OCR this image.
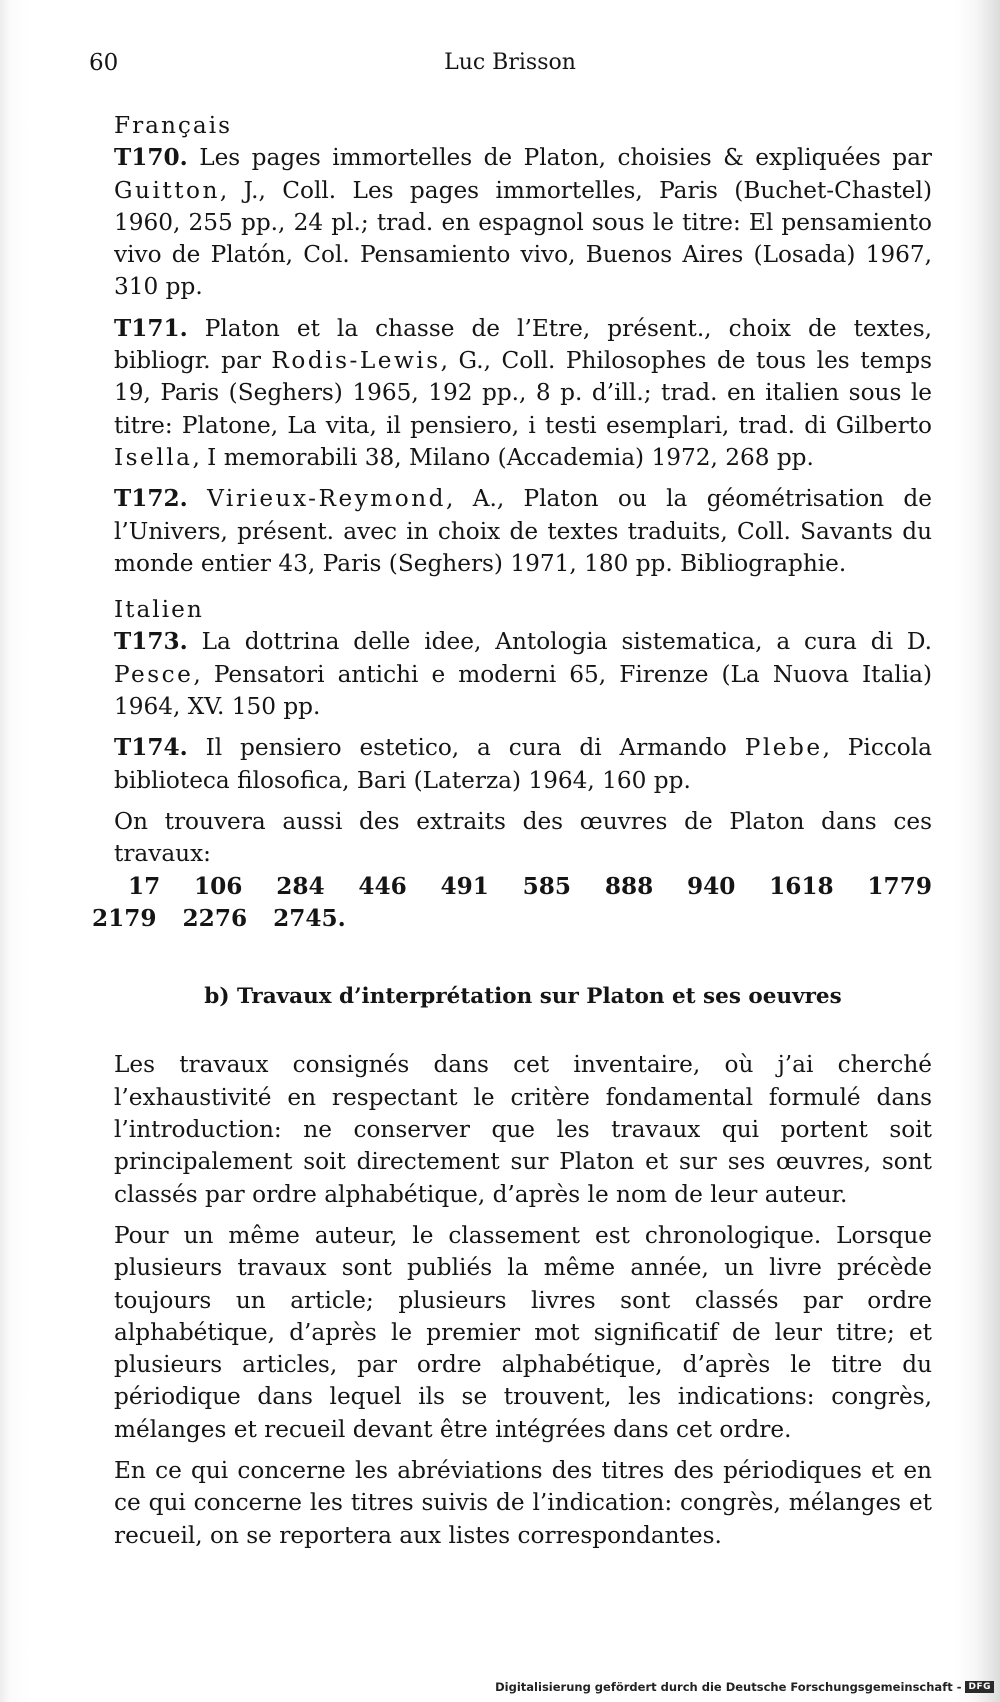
60	Luc Brisson

Français

T170. Les pages immortelles de Platon, choisies & expliquées par Guitton, J., Coll. Les pages immortelles, Paris (Buchet-Chastel) 1960, 255 pp., 24 pl.; trad. en espagnol sous le titre: El pensamiento vivo de Platón, Col. Pensamiento vivo, Buenos Aires (Losada) 1967, 310 pp.

T171. Platon et la chasse de l’Etre, présent., choix de textes, bibliogr. par Rodis-Lewis, G., Coll. Philosophes de tous les temps 19, Paris (Seghers) 1965, 192 pp., 8 p. d’ill.; trad. en italien sous le titre: Platone, La vita, il pensiero, i testi esemplari, trad. di Gilberto Isella, I memorabili 38, Milano (Accademia) 1972, 268 pp.

T172. Virieux-Reymond, A., Platon ou la géométrisation de l’Univers, présent. avec in choix de textes traduits, Coll. Savants du monde entier 43, Paris (Seghers) 1971, 180 pp. Bibliographie.

Italien

T173. La dottrina delle idee, Antologia sistematica, a cura di D. Pesce, Pensatori antichi e moderni 65, Firenze (La Nuova Italia) 1964, XV. 150 pp.

T174. Il pensiero estetico, a cura di Armando Plebe, Piccola biblioteca filosofica, Bari (Laterza) 1964, 160 pp.

On trouvera aussi des extraits des œuvres de Platon dans ces travaux:

17 106 284 446 491 585 888 940 1618 1779
2179 2276 2745.
b) Travaux d’interprétation sur Platon et ses oeuvres

Les travaux consignés dans cet inventaire, où j’ai cherché l’exhaustivité en respectant le critère fondamental formulé dans l’introduction: ne conserver que les travaux qui portent soit principalement soit directement sur Platon et sur ses œuvres, sont classés par ordre alphabétique, d’après le nom de leur auteur.

Pour un même auteur, le classement est chronologique. Lorsque plusieurs travaux sont publiés la même année, un livre précède toujours un article; plusieurs livres sont classés par ordre alphabétique, d’après le premier mot significatif de leur titre; et plusieurs articles, par ordre alphabétique, d’après le titre du périodique dans lequel ils se trouvent, les indications: congrès, mélanges et recueil devant être intégrées dans cet ordre.

En ce qui concerne les abréviations des titres des périodiques et en ce qui concerne les titres suivis de l’indication: congrès, mélanges et recueil, on se reportera aux listes correspondantes.

Digitalisierung gefördert durch die Deutsche Forschungsgemeinschaft - DFG
